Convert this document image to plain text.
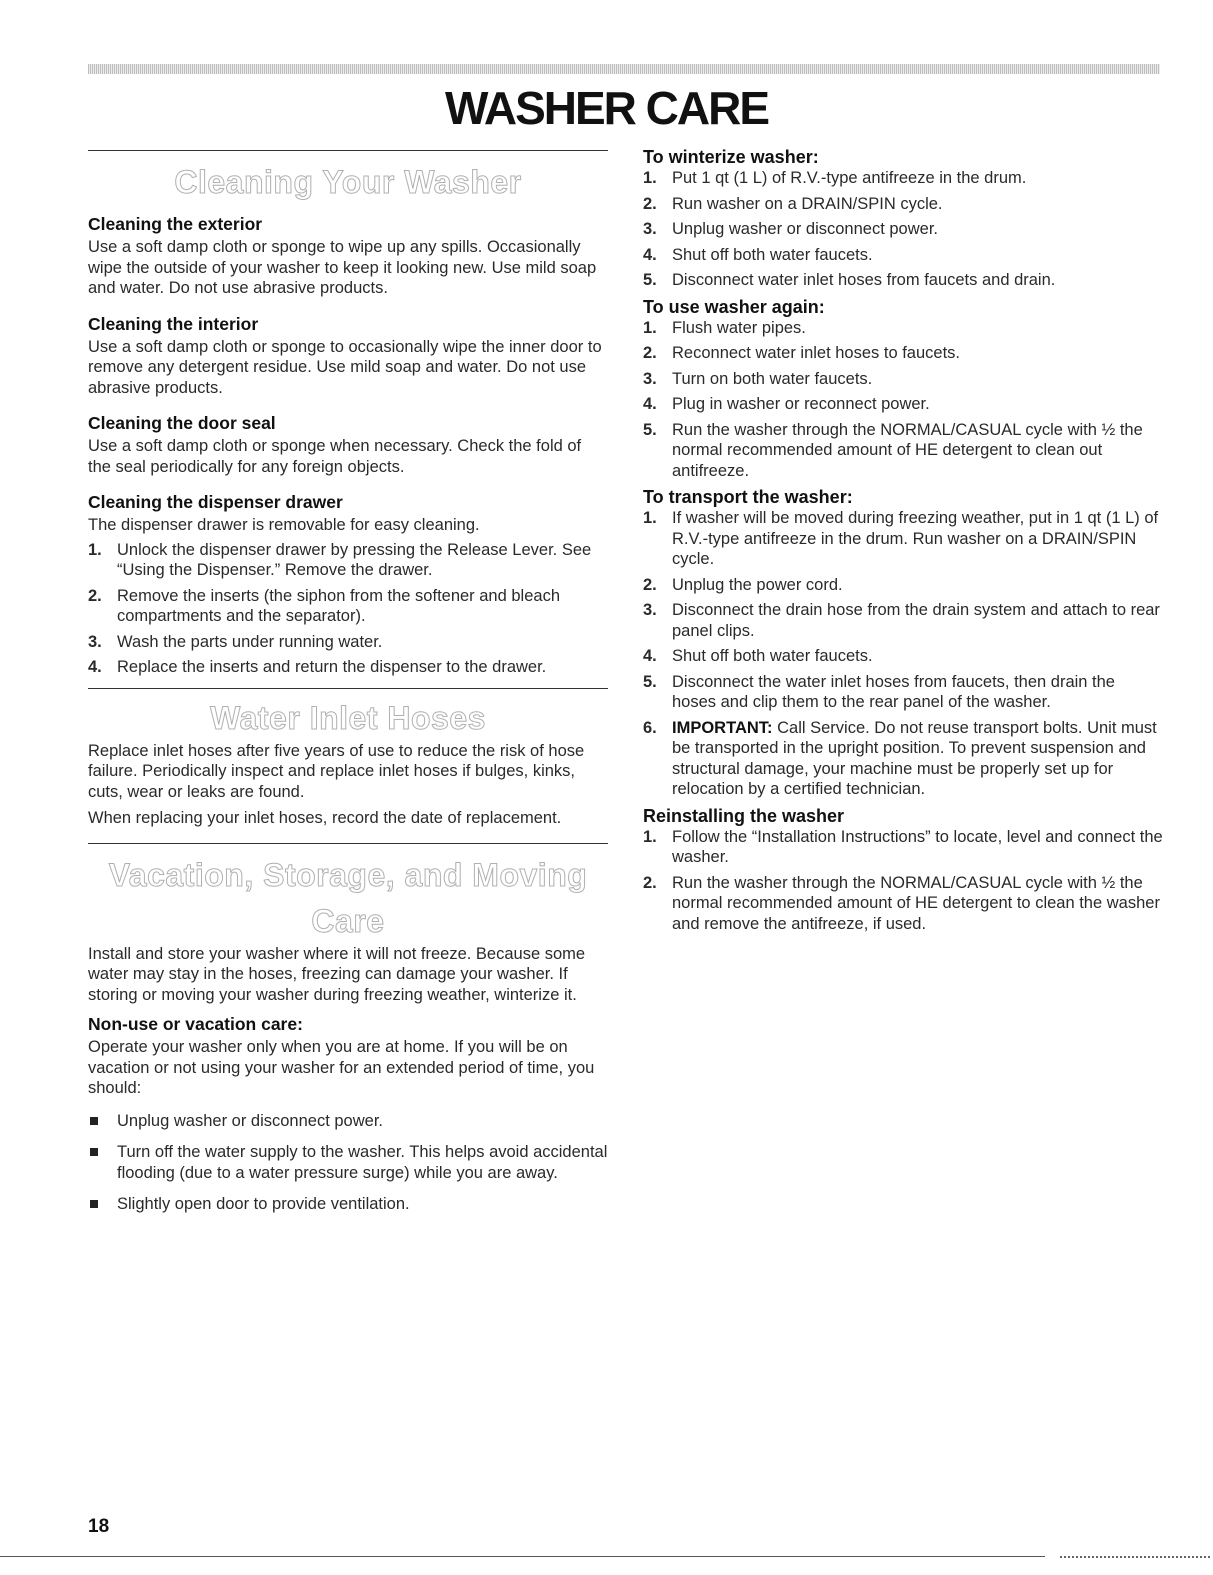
WASHER CARE
Cleaning Your Washer
Cleaning the exterior

Use a soft damp cloth or sponge to wipe up any spills. Occasionally wipe the outside of your washer to keep it looking new. Use mild soap and water. Do not use abrasive products.

Cleaning the interior

Use a soft damp cloth or sponge to occasionally wipe the inner door to remove any detergent residue. Use mild soap and water. Do not use abrasive products.

Cleaning the door seal

Use a soft damp cloth or sponge when necessary. Check the fold of the seal periodically for any foreign objects.

Cleaning the dispenser drawer

The dispenser drawer is removable for easy cleaning.

1. Unlock the dispenser drawer by pressing the Release Lever. See “Using the Dispenser.” Remove the drawer.
2. Remove the inserts (the siphon from the softener and bleach compartments and the separator).
3. Wash the parts under running water.
4. Replace the inserts and return the dispenser to the drawer.
Water Inlet Hoses

Replace inlet hoses after five years of use to reduce the risk of hose failure. Periodically inspect and replace inlet hoses if bulges, kinks, cuts, wear or leaks are found.

When replacing your inlet hoses, record the date of replacement.

Vacation, Storage, and Moving Care

Install and store your washer where it will not freeze. Because some water may stay in the hoses, freezing can damage your washer. If storing or moving your washer during freezing weather, winterize it.

Non-use or vacation care:

Operate your washer only when you are at home. If you will be on vacation or not using your washer for an extended period of time, you should:

Unplug washer or disconnect power.
Turn off the water supply to the washer. This helps avoid accidental flooding (due to a water pressure surge) while you are away.
Slightly open door to provide ventilation.
To winterize washer:
1. Put 1 qt (1 L) of R.V.-type antifreeze in the drum.
2. Run washer on a DRAIN/SPIN cycle.
3. Unplug washer or disconnect power.
4. Shut off both water faucets.
5. Disconnect water inlet hoses from faucets and drain.
To use washer again:
1. Flush water pipes.
2. Reconnect water inlet hoses to faucets.
3. Turn on both water faucets.
4. Plug in washer or reconnect power.
5. Run the washer through the NORMAL/CASUAL cycle with ½ the normal recommended amount of HE detergent to clean out antifreeze.
To transport the washer:
1. If washer will be moved during freezing weather, put in 1 qt (1 L) of R.V.-type antifreeze in the drum. Run washer on a DRAIN/SPIN cycle.
2. Unplug the power cord.
3. Disconnect the drain hose from the drain system and attach to rear panel clips.
4. Shut off both water faucets.
5. Disconnect the water inlet hoses from faucets, then drain the hoses and clip them to the rear panel of the washer.
6. IMPORTANT: Call Service. Do not reuse transport bolts. Unit must be transported in the upright position. To prevent suspension and structural damage, your machine must be properly set up for relocation by a certified technician.
Reinstalling the washer
1. Follow the “Installation Instructions” to locate, level and connect the washer.
2. Run the washer through the NORMAL/CASUAL cycle with ½ the normal recommended amount of HE detergent to clean the washer and remove the antifreeze, if used.
18
